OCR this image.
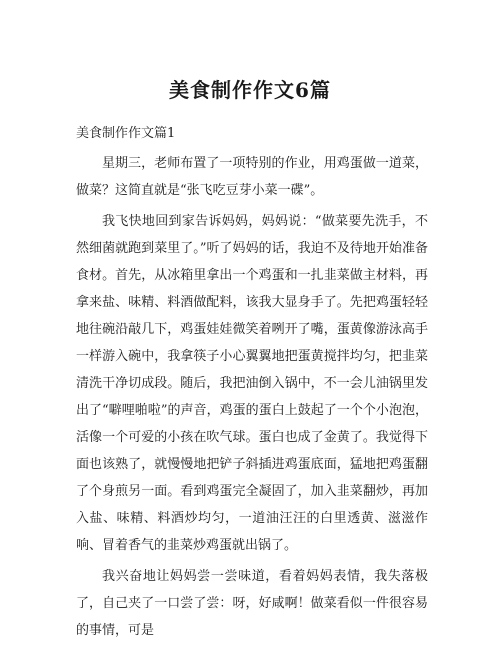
美食制作作文6篇
美食制作作文篇1

星期三，老师布置了一项特别的作业，用鸡蛋做一道菜，做菜？这简直就是“张飞吃豆芽小菜一碟”。

我飞快地回到家告诉妈妈，妈妈说：“做菜要先洗手，不然细菌就跑到菜里了。”听了妈妈的话，我迫不及待地开始准备食材。首先，从冰箱里拿出一个鸡蛋和一扎韭菜做主材料，再拿来盐、味精、料酒做配料，该我大显身手了。先把鸡蛋轻轻地往碗沿敲几下，鸡蛋娃娃微笑着咧开了嘴，蛋黄像游泳高手一样游入碗中，我拿筷子小心翼翼地把蛋黄搅拌均匀，把韭菜清洗干净切成段。随后，我把油倒入锅中，不一会儿油锅里发出了“噼哩啪啦”的声音，鸡蛋的蛋白上鼓起了一个个小泡泡，活像一个可爱的小孩在吹气球。蛋白也成了金黄了。我觉得下面也该熟了，就慢慢地把铲子斜插进鸡蛋底面，猛地把鸡蛋翻了个身煎另一面。看到鸡蛋完全凝固了，加入韭菜翻炒，再加入盐、味精、料酒炒均匀，一道油汪汪的白里透黄、滋滋作响、冒着香气的韭菜炒鸡蛋就出锅了。

我兴奋地让妈妈尝一尝味道，看着妈妈表情，我失落极了，自己夹了一口尝了尝：呀，好咸啊！做菜看似一件很容易的事情，可是
